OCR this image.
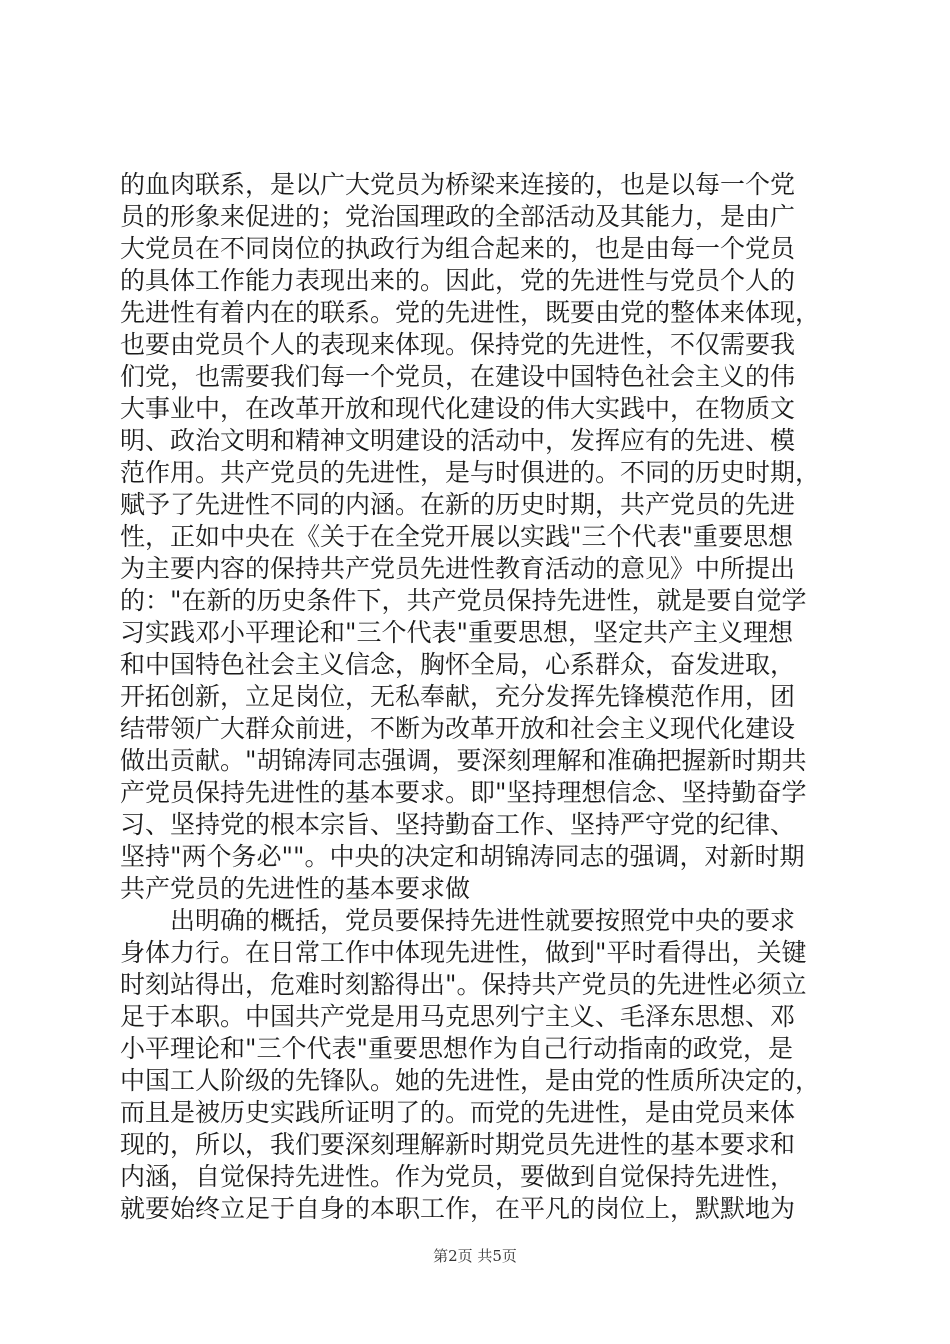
的血肉联系，是以广大党员为桥梁来连接的，也是以每一个党
员的形象来促进的；党治国理政的全部活动及其能力，是由广
大党员在不同岗位的执政行为组合起来的，也是由每一个党员
的具体工作能力表现出来的。因此，党的先进性与党员个人的
先进性有着内在的联系。党的先进性，既要由党的整体来体现，
也要由党员个人的表现来体现。保持党的先进性，不仅需要我
们党，也需要我们每一个党员，在建设中国特色社会主义的伟
大事业中，在改革开放和现代化建设的伟大实践中，在物质文
明、政治文明和精神文明建设的活动中，发挥应有的先进、模
范作用。共产党员的先进性，是与时俱进的。不同的历史时期，
赋予了先进性不同的内涵。在新的历史时期，共产党员的先进
性，正如中央在《关于在全党开展以实践"三个代表"重要思想
为主要内容的保持共产党员先进性教育活动的意见》中所提出
的："在新的历史条件下，共产党员保持先进性，就是要自觉学
习实践邓小平理论和"三个代表"重要思想，坚定共产主义理想
和中国特色社会主义信念，胸怀全局，心系群众，奋发进取，
开拓创新，立足岗位，无私奉献，充分发挥先锋模范作用，团
结带领广大群众前进，不断为改革开放和社会主义现代化建设
做出贡献。"胡锦涛同志强调，要深刻理解和准确把握新时期共
产党员保持先进性的基本要求。即"坚持理想信念、坚持勤奋学
习、坚持党的根本宗旨、坚持勤奋工作、坚持严守党的纪律、
坚持"两个务必""。中央的决定和胡锦涛同志的强调，对新时期
共产党员的先进性的基本要求做
　　出明确的概括，党员要保持先进性就要按照党中央的要求
身体力行。在日常工作中体现先进性，做到"平时看得出，关键
时刻站得出，危难时刻豁得出"。保持共产党员的先进性必须立
足于本职。中国共产党是用马克思列宁主义、毛泽东思想、邓
小平理论和"三个代表"重要思想作为自己行动指南的政党，是
中国工人阶级的先锋队。她的先进性，是由党的性质所决定的，
而且是被历史实践所证明了的。而党的先进性，是由党员来体
现的，所以，我们要深刻理解新时期党员先进性的基本要求和
内涵，自觉保持先进性。作为党员，要做到自觉保持先进性，
就要始终立足于自身的本职工作，在平凡的岗位上，默默地为
第2页 共5页
